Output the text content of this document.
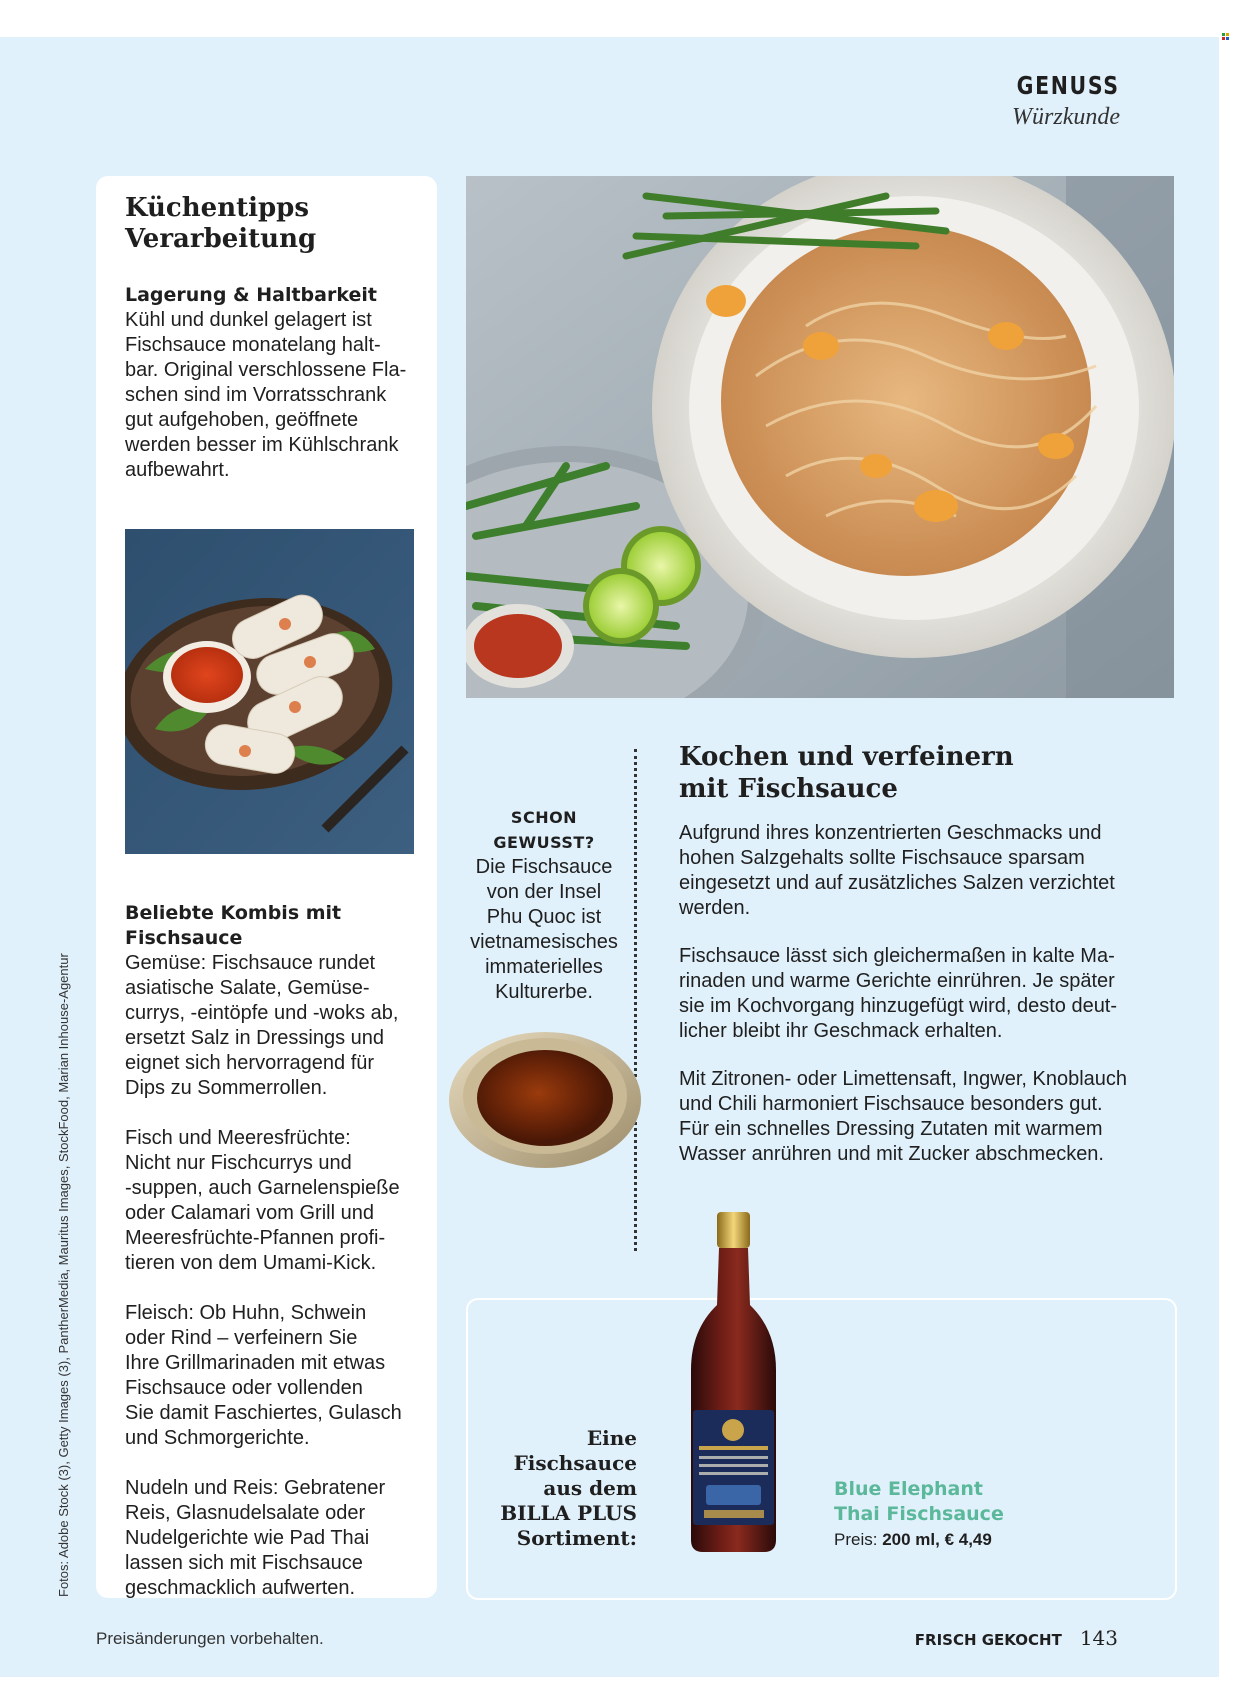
GENUSS
Würzkunde
Küchentipps
Verarbeitung

Lagerung & Haltbarkeit

Kühl und dunkel gelagert ist

Fischsauce monatelang halt-

bar. Original verschlossene Fla-

schen sind im Vorratsschrank

gut aufgehoben, geöffnete

werden besser im Kühlschrank

aufbewahrt.

Beliebte Kombis mit

Fischsauce

Gemüse: Fischsauce rundet

asiatische Salate, Gemüse-

currys, -eintöpfe und -woks ab,

ersetzt Salz in Dressings und

eignet sich hervorragend für

Dips zu Sommerrollen.

Fisch und Meeresfrüchte:

Nicht nur Fischcurrys und

-suppen, auch Garnelenspieße

oder Calamari vom Grill und

Meeresfrüchte-Pfannen profi-

tieren von dem Umami-Kick.

Fleisch: Ob Huhn, Schwein

oder Rind – verfeinern Sie

Ihre Grillmarinaden mit etwas

Fischsauce oder vollenden

Sie damit Faschiertes, Gulasch

und Schmorgerichte.

Nudeln und Reis: Gebratener

Reis, Glasnudelsalate oder

Nudelgerichte wie Pad Thai

lassen sich mit Fischsauce

geschmacklich aufwerten.

SCHON
GEWUSST?

Die Fischsauce

von der Insel

Phu Quoc ist

vietnamesisches

immaterielles

Kulturerbe.

Kochen und verfeinern
mit Fischsauce

Aufgrund ihres konzentrierten Geschmacks und

hohen Salzgehalts sollte Fischsauce sparsam

eingesetzt und auf zusätzliches Salzen verzichtet

werden.

Fischsauce lässt sich gleichermaßen in kalte Ma-

rinaden und warme Gerichte einrühren. Je später

sie im Kochvorgang hinzugefügt wird, desto deut-

licher bleibt ihr Geschmack erhalten.

Mit Zitronen- oder Limettensaft, Ingwer, Knoblauch

und Chili harmoniert Fischsauce besonders gut.

Für ein schnelles Dressing Zutaten mit warmem

Wasser anrühren und mit Zucker abschmecken.

Eine
Fischsauce
aus dem
BILLA PLUS
Sortiment:
Blue Elephant
Thai Fischsauce
Preis: 200 ml, € 4,49
Fotos: Adobe Stock (3), Getty Images (3), PantherMedia, Mauritus Images, StockFood, Marian Inhouse-Agentur
Preisänderungen vorbehalten.	FRISCH GEKOCHT 143
